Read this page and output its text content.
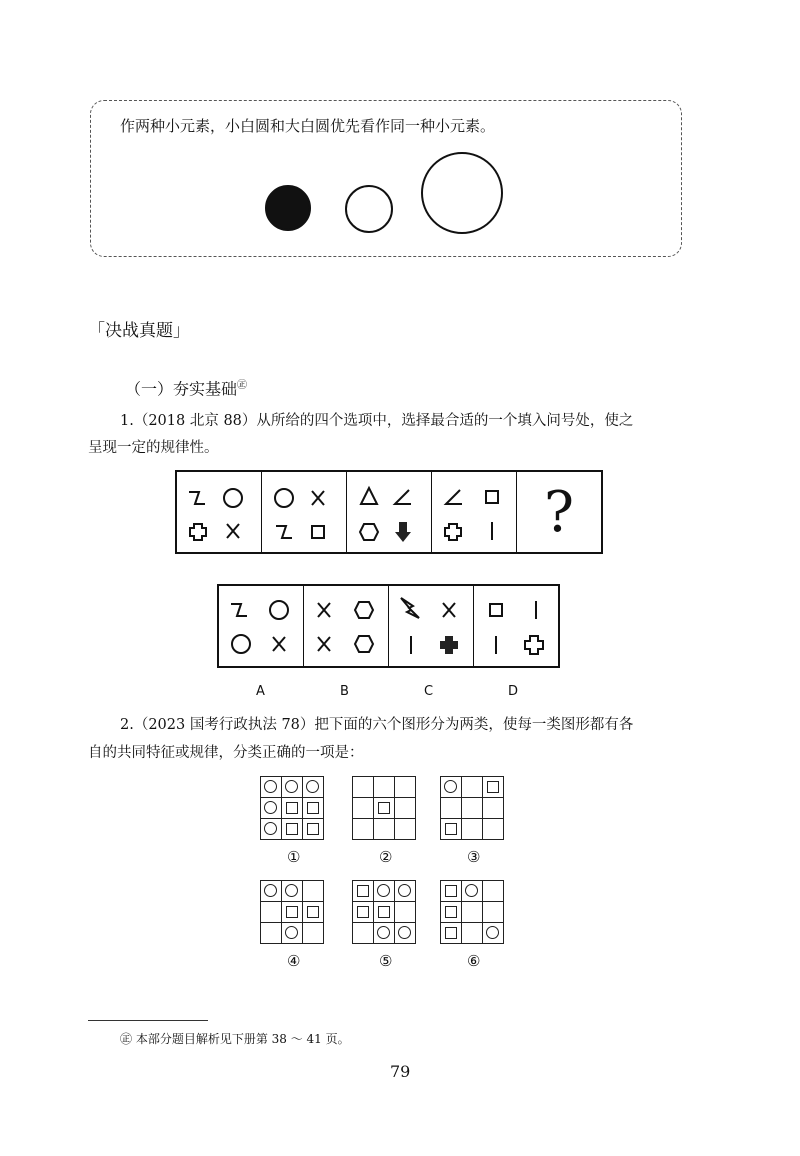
作两种小元素，小白圆和大白圆优先看作同一种小元素。
「决战真题」
（一）夯实基础㊣
1.（2018 北京 88）从所给的四个选项中，选择最合适的一个填入问号处，使之
呈现一定的规律性。
?
A	B	C	D
2.（2023 国考行政执法 78）把下面的六个图形分为两类，使每一类图形都有各
自的共同特征或规律，分类正确的一项是：

①

			②

			③

④

		⑤

			⑥
㊣ 本部分题目解析见下册第 38 ～ 41 页。
79
